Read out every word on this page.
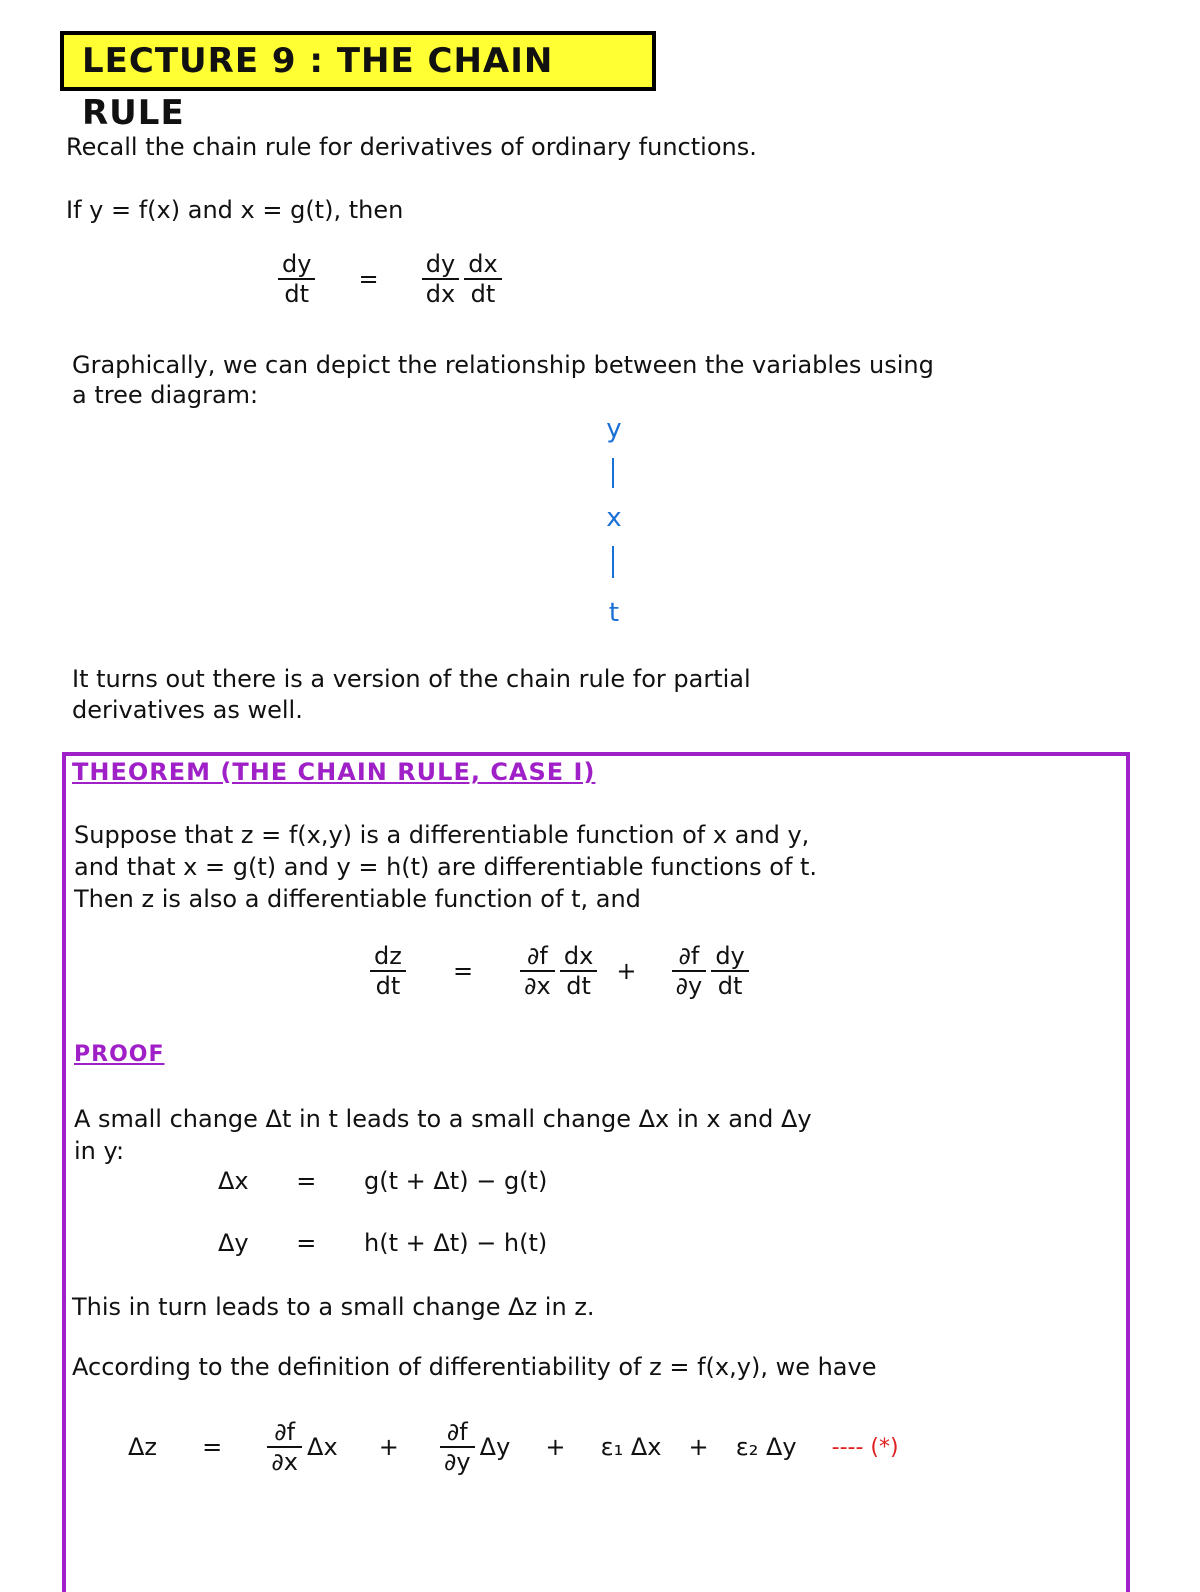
LECTURE 9 : THE CHAIN RULE
Recall the chain rule for derivatives of ordinary functions.
If y = f(x) and x = g(t), then
$\frac{dy}{dt} = \frac{dy}{dx}$
$\frac{dx}{dt}$
Graphically, we can depict the relationship between the variables using
a tree diagram:
y
x
t
It turns out there is a version of the chain rule for partial
derivatives as well.
THEOREM (THE CHAIN RULE, CASE I)
Suppose that z = f(x,y) is a differentiable function of x and y,
and that x = g(t) and y = h(t) are differentiable functions of t.
Then z is also a differentiable function of t, and
$\frac{dz}{dt} = \frac{\partial f}{\partial x}$
$\frac{dx}{dt} + \frac{\partial f}{\partial y}$
$\frac{dy}{dt}$
PROOF
A small change Δt in t leads to a small change Δx in x and Δy
in y:
Δx = g(t + Δt) − g(t)
Δy = h(t + Δt) − h(t)
This in turn leads to a small change Δz in z.
According to the definition of differentiability of z = f(x,y), we have
$\Delta z = \frac{\partial f}{\partial x}$ $\Delta x + \frac{\partial f}{\partial y}$ Δy + ε₁ Δx + ε₂ Δy ---- (*)
